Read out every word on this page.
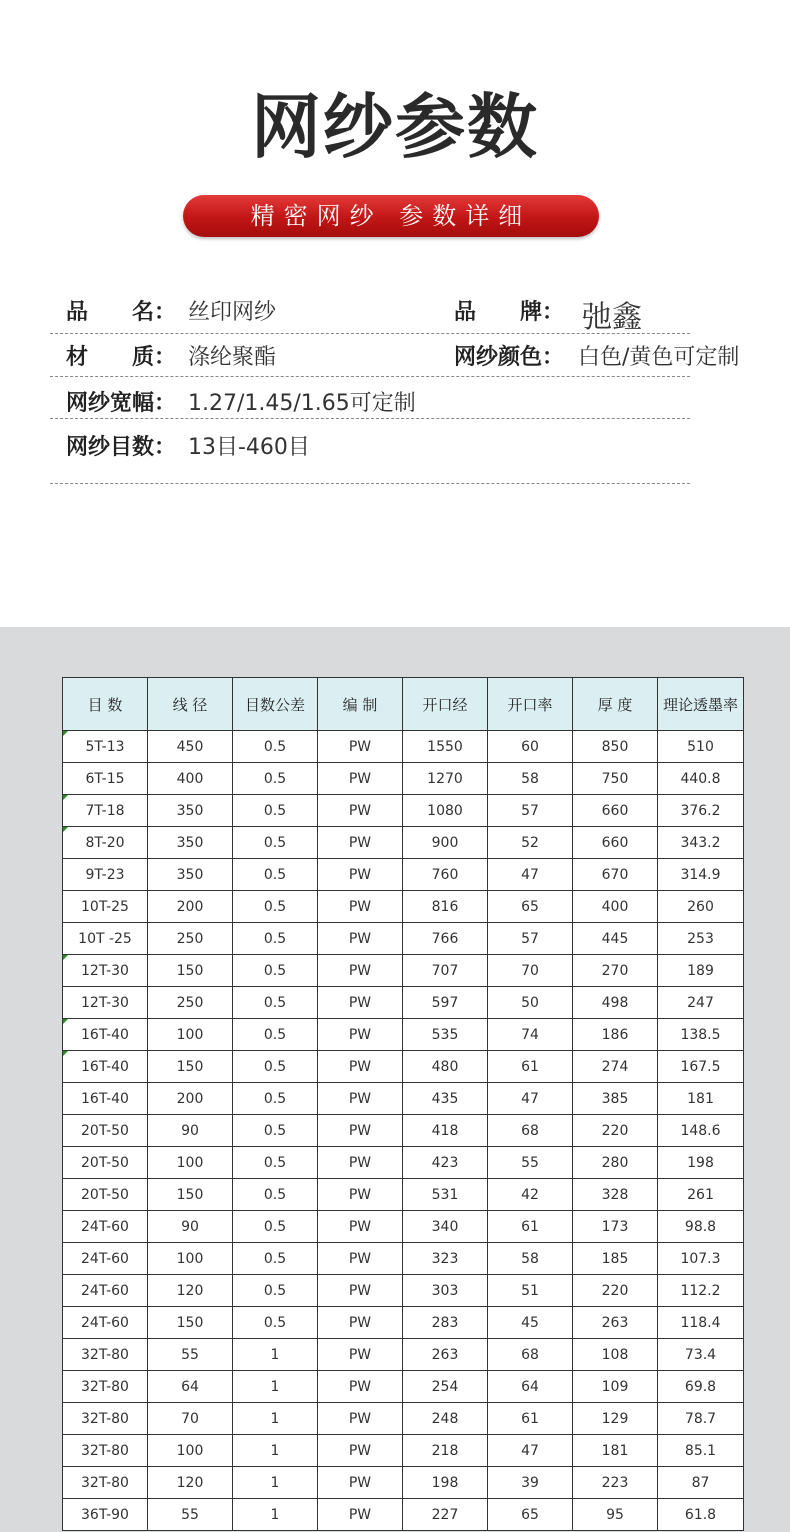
网纱参数
精密网纱 参数详细
品　　名： 丝印网纱	品　　牌： 弛鑫
材　　质： 涤纶聚酯	网纱颜色： 白色/黄色可定制
网纱宽幅： 1.27/1.45/1.65可定制
网纱目数： 13目-460目
目 数	线 径	目数公差	编 制	开口经	开口率	厚 度	理论透墨率
5T-13	450	0.5	PW	1550	60	850	510
6T-15	400	0.5	PW	1270	58	750	440.8
7T-18	350	0.5	PW	1080	57	660	376.2
8T-20	350	0.5	PW	900	52	660	343.2
9T-23	350	0.5	PW	760	47	670	314.9
10T-25	200	0.5	PW	816	65	400	260
10T -25	250	0.5	PW	766	57	445	253
12T-30	150	0.5	PW	707	70	270	189
12T-30	250	0.5	PW	597	50	498	247
16T-40	100	0.5	PW	535	74	186	138.5
16T-40	150	0.5	PW	480	61	274	167.5
16T-40	200	0.5	PW	435	47	385	181
20T-50	90	0.5	PW	418	68	220	148.6
20T-50	100	0.5	PW	423	55	280	198
20T-50	150	0.5	PW	531	42	328	261
24T-60	90	0.5	PW	340	61	173	98.8
24T-60	100	0.5	PW	323	58	185	107.3
24T-60	120	0.5	PW	303	51	220	112.2
24T-60	150	0.5	PW	283	45	263	118.4
32T-80	55	1	PW	263	68	108	73.4
32T-80	64	1	PW	254	64	109	69.8
32T-80	70	1	PW	248	61	129	78.7
32T-80	100	1	PW	218	47	181	85.1
32T-80	120	1	PW	198	39	223	87
36T-90	55	1	PW	227	65	95	61.8
